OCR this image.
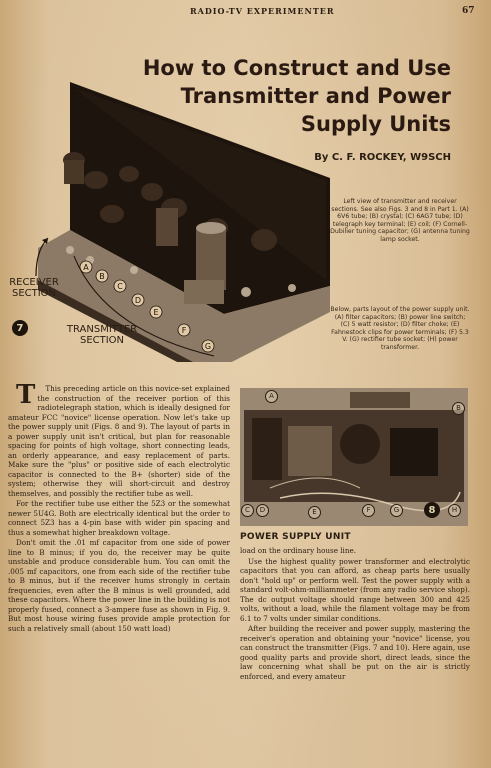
RADIO-TV EXPERIMENTER	67
How to Construct and Use
Transmitter and Power
Supply Units
By C. F. ROCKEY, W9SCH
A
B
C
D
E
F
G
RECEIVER
SECTION
7	TRANSMITTER
SECTION
Left view of transmitter and receiver sections. See also Figs. 3 and 8 in Part 1. (A) 6V6 tube; (B) crystal; (C) 6AG7 tube; (D) telegraph key terminal; (E) coil; (F) Cornell-Dubilier tuning capacitor; (G) antenna tuning lamp socket.
Below, parts layout of the power supply unit. (A) filter capacitors; (B) power line switch; (C) 5 watt resistor; (D) filter choke; (E) Fahnestock clips for power terminals; (F) 5.3 V. (G) rectifier tube socket; (H) power transformer.

T This preceding article on this novice-set explained the construction of the receiver portion of this radiotelegraph station, which is ideally designed for amateur FCC "novice" license operation. Now let's take up the power supply unit (Figs. 8 and 9). The layout of parts in a power supply unit isn't critical, but plan for reasonable spacing for points of high voltage, short connecting leads, an orderly appearance, and easy replacement of parts. Make sure the "plus" or positive side of each electrolytic capacitor is connected to the B+ (shorter) side of the system; otherwise they will short-circuit and destroy themselves, and possibly the rectifier tube as well.

For the rectifier tube use either the 5Z3 or the somewhat newer 5U4G. Both are electrically identical but the order to connect 5Z3 has a 4-pin base with wider pin spacing and thus a somewhat higher breakdown voltage.

Don't omit the .01 mf capacitor from one side of power line to B minus; if you do, the receiver may be quite unstable and produce considerable hum. You can omit the .005 mf capacitors, one from each side of the rectifier tube to B minus, but if the receiver hums strongly in certain frequencies, even after the B minus is well grounded, add these capacitors. Where the power line in the building is not properly fused, connect a 3-ampere fuse as shown in Fig. 9. But most house wiring fuses provide ample protection for such a relatively small (about 150 watt load)

A
B
C	D	E	F	G	H
8
POWER SUPPLY UNIT

load on the ordinary house line.

Use the highest quality power transformer and electrolytic capacitors that you can afford, as cheap parts here usually don't "hold up" or perform well. Test the power supply with a standard volt-ohm-milliammeter (from any radio service shop). The dc output voltage should range between 300 and 425 volts, without a load, while the filament voltage may be from 6.1 to 7 volts under similar conditions.

After building the receiver and power supply, mastering the receiver's operation and obtaining your "novice" license, you can construct the transmitter (Figs. 7 and 10). Here again, use good quality parts and provide short, direct leads, since the law concerning what shall be put on the air is strictly enforced, and every amateur
